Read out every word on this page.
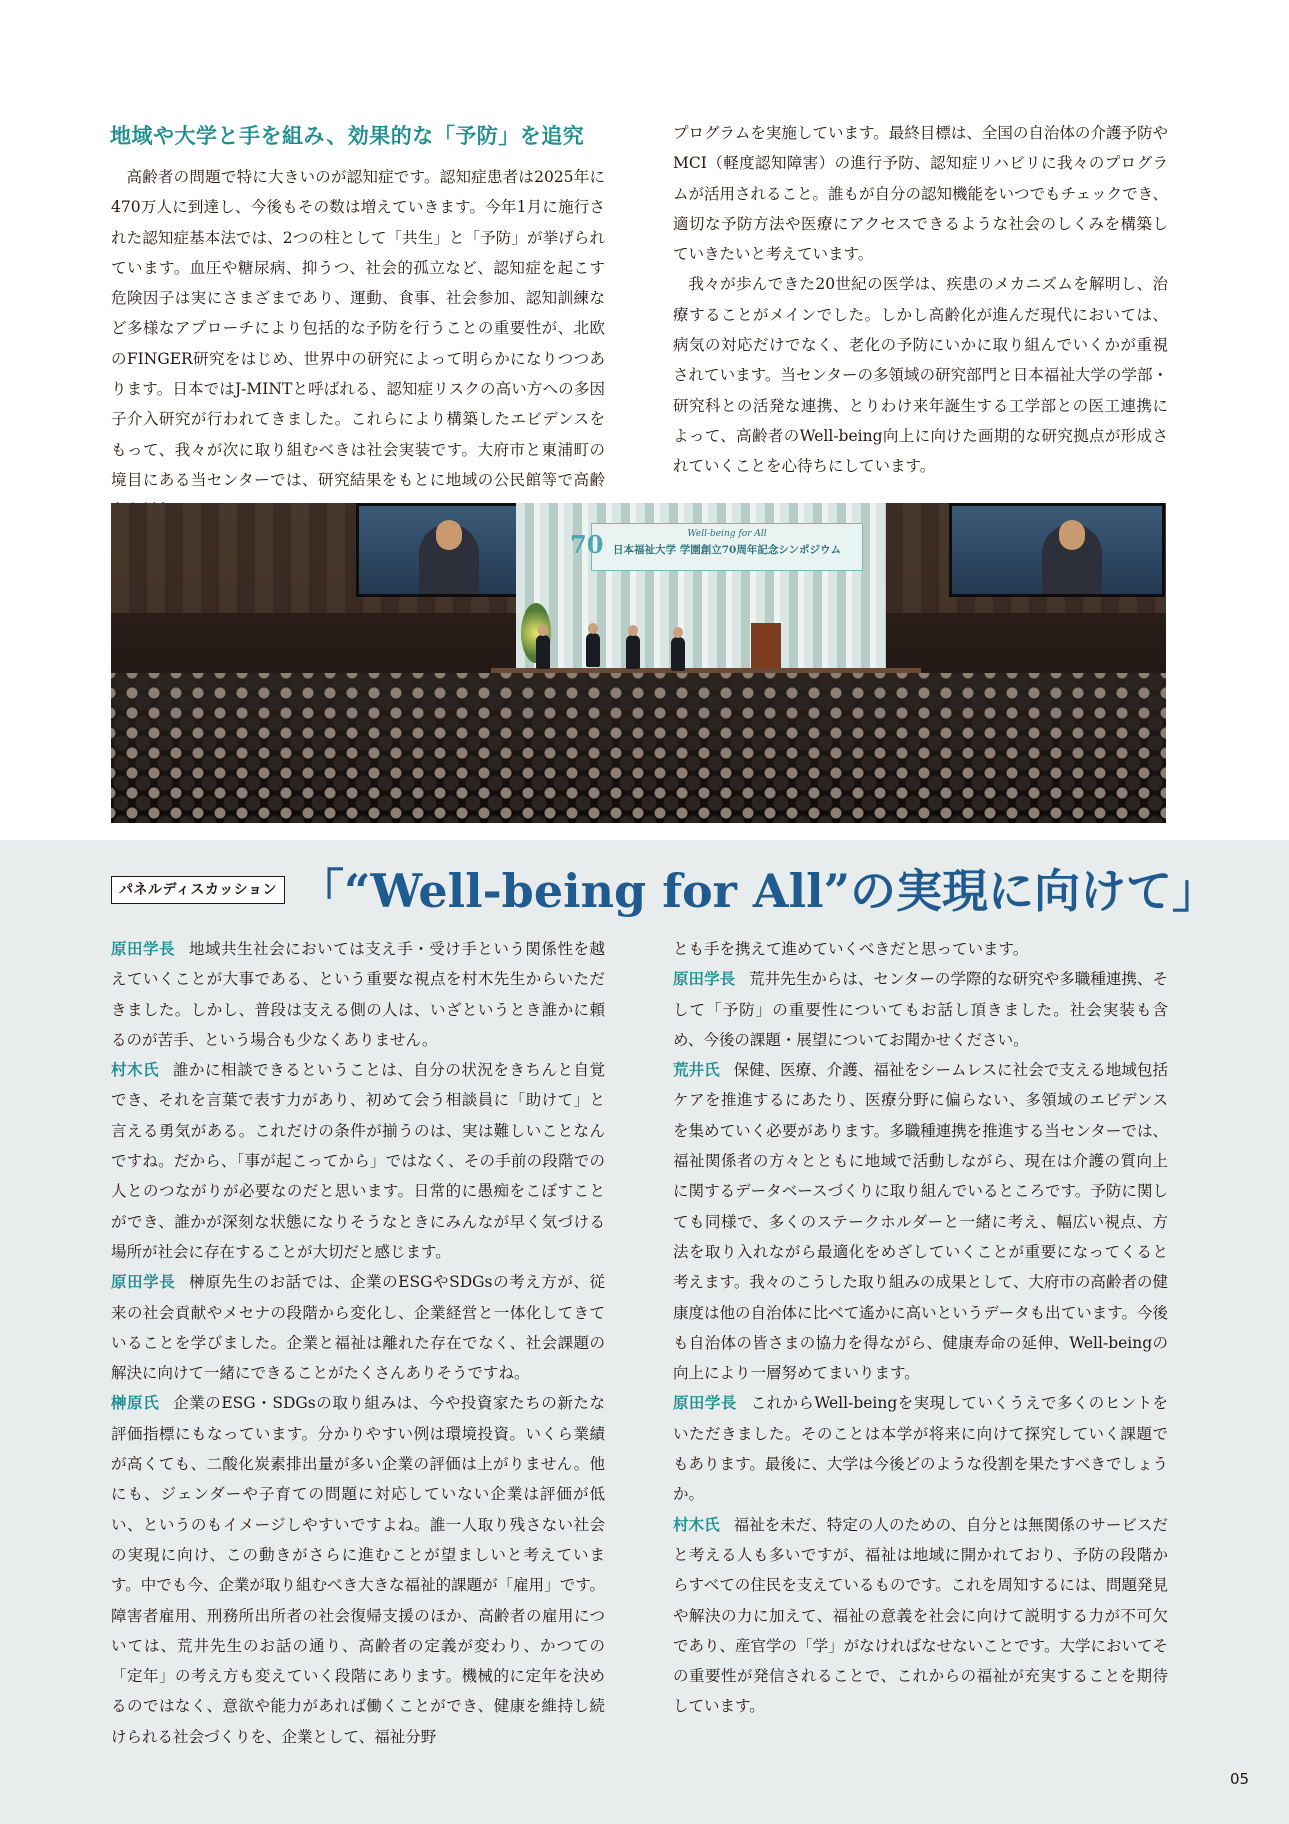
地域や大学と手を組み、効果的な「予防」を追究

高齢者の問題で特に大きいのが認知症です。認知症患者は2025年に470万人に到達し、今後もその数は増えていきます。今年1月に施行された認知症基本法では、2つの柱として「共生」と「予防」が挙げられています。血圧や糖尿病、抑うつ、社会的孤立など、認知症を起こす危険因子は実にさまざまであり、運動、食事、社会参加、認知訓練など多様なアプローチにより包括的な予防を行うことの重要性が、北欧のFINGER研究をはじめ、世界中の研究によって明らかになりつつあります。日本ではJ-MINTと呼ばれる、認知症リスクの高い方への多因子介入研究が行われてきました。これらにより構築したエビデンスをもって、我々が次に取り組むべきは社会実装です。大府市と東浦町の境目にある当センターでは、研究結果をもとに地域の公民館等で高齢

プログラムを実施しています。最終目標は、全国の自治体の介護予防やMCI（軽度認知障害）の進行予防、認知症リハビリに我々のプログラムが活用されること。誰もが自分の認知機能をいつでもチェックでき、適切な予防方法や医療にアクセスできるような社会のしくみを構築していきたいと考えています。

我々が歩んできた20世紀の医学は、疾患のメカニズムを解明し、治療することがメインでした。しかし高齢化が進んだ現代においては、病気の対応だけでなく、老化の予防にいかに取り組んでいくかが重視されています。当センターの多領域の研究部門と日本福祉大学の学部・研究科との活発な連携、とりわけ来年誕生する工学部との医工連携によって、高齢者のWell-being向上に向けた画期的な研究拠点が形成されていくことを心待ちにしています。

70	Well-being for All
日本福祉大学 学園創立70周年記念シンポジウム
パネルディスカッション 「“Well-being for All”の実現に向けて」

原田学長 地域共生社会においては支え手・受け手という関係性を越えていくことが大事である、という重要な視点を村木先生からいただきました。しかし、普段は支える側の人は、いざというとき誰かに頼るのが苦手、という場合も少なくありません。

村木氏 誰かに相談できるということは、自分の状況をきちんと自覚でき、それを言葉で表す力があり、初めて会う相談員に「助けて」と言える勇気がある。これだけの条件が揃うのは、実は難しいことなんですね。だから、「事が起こってから」ではなく、その手前の段階での人とのつながりが必要なのだと思います。日常的に愚痴をこぼすことができ、誰かが深刻な状態になりそうなときにみんなが早く気づける場所が社会に存在することが大切だと感じます。

原田学長 榊原先生のお話では、企業のESGやSDGsの考え方が、従来の社会貢献やメセナの段階から変化し、企業経営と一体化してきていることを学びました。企業と福祉は離れた存在でなく、社会課題の解決に向けて一緒にできることがたくさんありそうですね。

榊原氏 企業のESG・SDGsの取り組みは、今や投資家たちの新たな評価指標にもなっています。分かりやすい例は環境投資。いくら業績が高くても、二酸化炭素排出量が多い企業の評価は上がりません。他にも、ジェンダーや子育ての問題に対応していない企業は評価が低い、というのもイメージしやすいですよね。誰一人取り残さない社会の実現に向け、この動きがさらに進むことが望ましいと考えています。中でも今、企業が取り組むべき大きな福祉的課題が「雇用」です。障害者雇用、刑務所出所者の社会復帰支援のほか、高齢者の雇用については、荒井先生のお話の通り、高齢者の定義が変わり、かつての「定年」の考え方も変えていく段階にあります。機械的に定年を決めるのではなく、意欲や能力があれば働くことができ、健康を維持し続けられる社会づくりを、企業として、福祉分野

とも手を携えて進めていくべきだと思っています。

原田学長 荒井先生からは、センターの学際的な研究や多職種連携、そして「予防」の重要性についてもお話し頂きました。社会実装も含め、今後の課題・展望についてお聞かせください。

荒井氏 保健、医療、介護、福祉をシームレスに社会で支える地域包括ケアを推進するにあたり、医療分野に偏らない、多領域のエビデンスを集めていく必要があります。多職種連携を推進する当センターでは、福祉関係者の方々とともに地域で活動しながら、現在は介護の質向上に関するデータベースづくりに取り組んでいるところです。予防に関しても同様で、多くのステークホルダーと一緒に考え、幅広い視点、方法を取り入れながら最適化をめざしていくことが重要になってくると考えます。我々のこうした取り組みの成果として、大府市の高齢者の健康度は他の自治体に比べて遙かに高いというデータも出ています。今後も自治体の皆さまの協力を得ながら、健康寿命の延伸、Well-beingの向上により一層努めてまいります。

原田学長 これからWell-beingを実現していくうえで多くのヒントをいただきました。そのことは本学が将来に向けて探究していく課題でもあります。最後に、大学は今後どのような役割を果たすべきでしょうか。

村木氏 福祉を未だ、特定の人のための、自分とは無関係のサービスだと考える人も多いですが、福祉は地域に開かれており、予防の段階からすべての住民を支えているものです。これを周知するには、問題発見や解決の力に加えて、福祉の意義を社会に向けて説明する力が不可欠であり、産官学の「学」がなければなせないことです。大学においてその重要性が発信されることで、これからの福祉が充実することを期待しています。

05
